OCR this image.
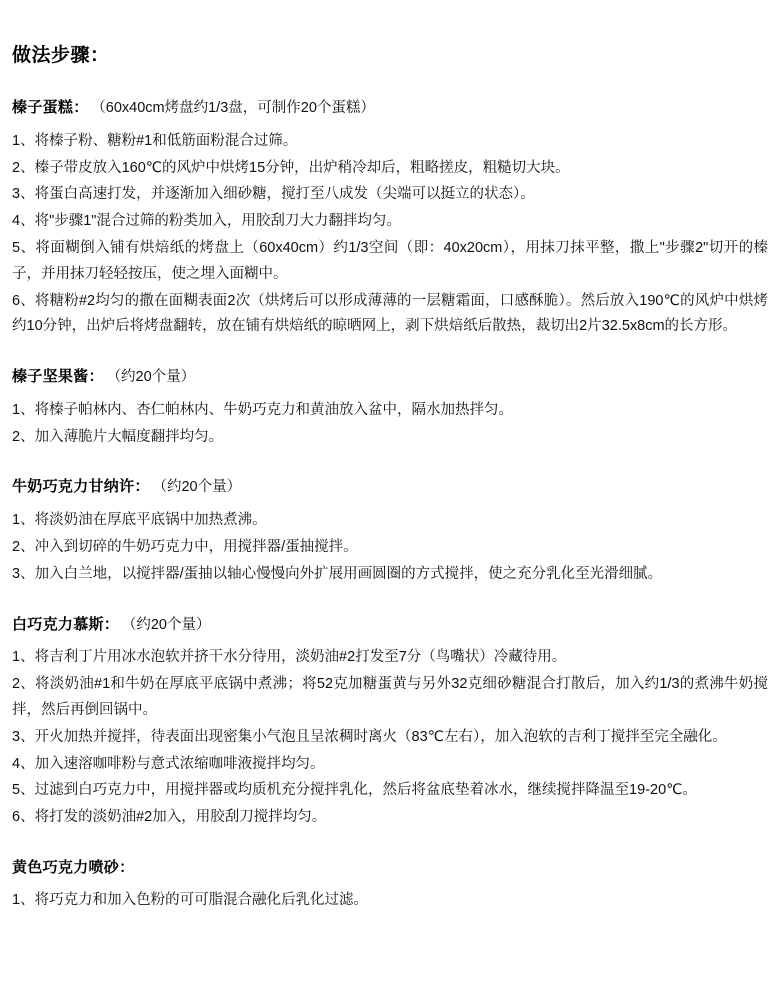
做法步骤：

榛子蛋糕： （60x40cm烤盘约1/3盘，可制作20个蛋糕）

1、将榛子粉、糖粉#1和低筋面粉混合过筛。
2、榛子带皮放入160℃的风炉中烘烤15分钟，出炉稍冷却后，粗略搓皮，粗糙切大块。
3、将蛋白高速打发，并逐渐加入细砂糖，搅打至八成发（尖端可以挺立的状态）。
4、将"步骤1"混合过筛的粉类加入，用胶刮刀大力翻拌均匀。
5、将面糊倒入铺有烘焙纸的烤盘上（60x40cm）约1/3空间（即：40x20cm），用抹刀抹平整，撒上"步骤2"切开的榛子，并用抹刀轻轻按压，使之埋入面糊中。
6、将糖粉#2均匀的撒在面糊表面2次（烘烤后可以形成薄薄的一层糖霜面，口感酥脆）。然后放入190℃的风炉中烘烤约10分钟，出炉后将烤盘翻转，放在铺有烘焙纸的晾晒网上，剥下烘焙纸后散热，裁切出2片32.5x8cm的长方形。

榛子坚果酱： （约20个量）

1、将榛子帕林内、杏仁帕林内、牛奶巧克力和黄油放入盆中，隔水加热拌匀。
2、加入薄脆片大幅度翻拌均匀。

牛奶巧克力甘纳许： （约20个量）

1、将淡奶油在厚底平底锅中加热煮沸。
2、冲入到切碎的牛奶巧克力中，用搅拌器/蛋抽搅拌。
3、加入白兰地，以搅拌器/蛋抽以轴心慢慢向外扩展用画圆圈的方式搅拌，使之充分乳化至光滑细腻。

白巧克力慕斯： （约20个量）

1、将吉利丁片用冰水泡软并挤干水分待用，淡奶油#2打发至7分（鸟嘴状）冷藏待用。
2、将淡奶油#1和牛奶在厚底平底锅中煮沸；将52克加糖蛋黄与另外32克细砂糖混合打散后，加入约1/3的煮沸牛奶搅拌，然后再倒回锅中。
3、开火加热并搅拌，待表面出现密集小气泡且呈浓稠时离火（83℃左右），加入泡软的吉利丁搅拌至完全融化。
4、加入速溶咖啡粉与意式浓缩咖啡液搅拌均匀。
5、过滤到白巧克力中，用搅拌器或均质机充分搅拌乳化，然后将盆底垫着冰水，继续搅拌降温至19-20℃。
6、将打发的淡奶油#2加入，用胶刮刀搅拌均匀。

黄色巧克力喷砂：

1、将巧克力和加入色粉的可可脂混合融化后乳化过滤。
